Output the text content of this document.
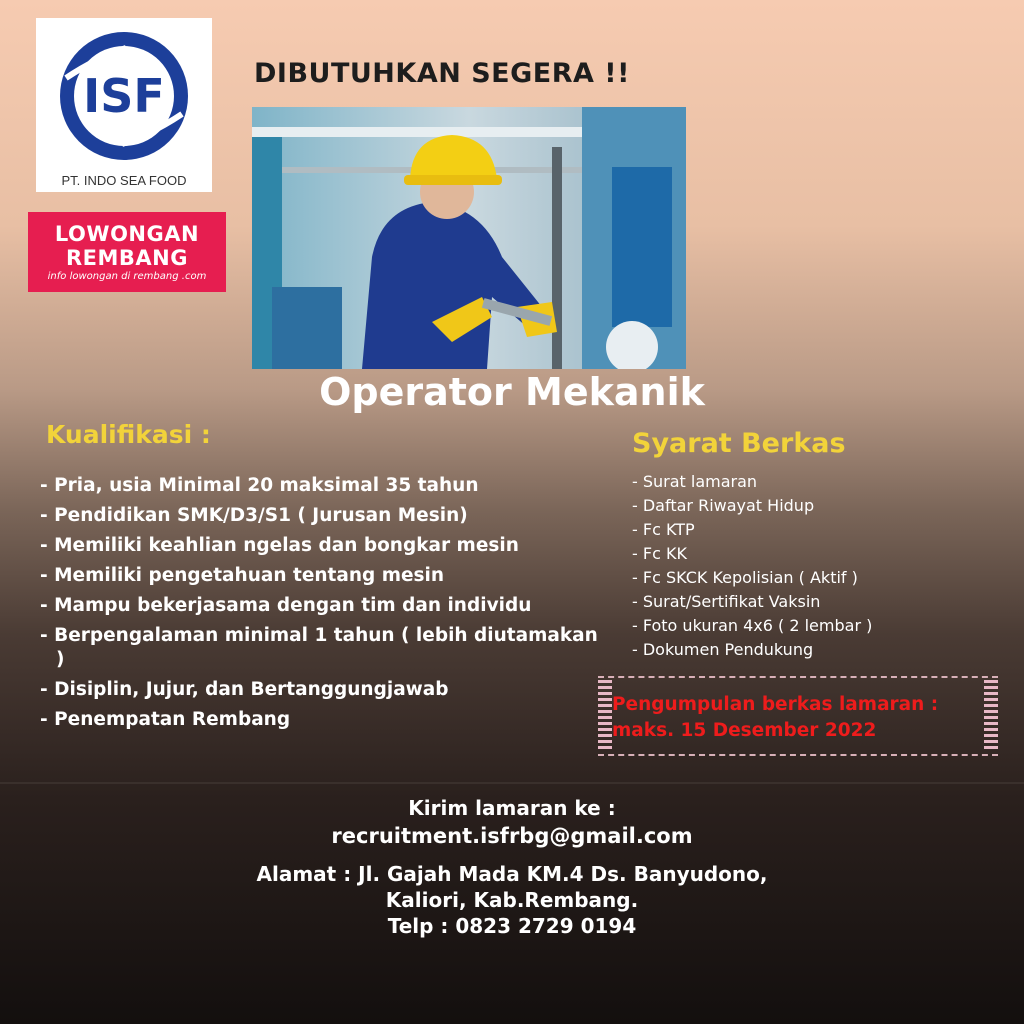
ISF
PT. INDO SEA FOOD
LOWONGAN
REMBANG
info lowongan di rembang .com
DIBUTUHKAN SEGERA !!
Operator Mekanik
Kualifikasi :
- Pria, usia Minimal 20 maksimal 35 tahun
- Pendidikan SMK/D3/S1 ( Jurusan Mesin)
- Memiliki keahlian ngelas dan bongkar mesin
- Memiliki pengetahuan tentang mesin
- Mampu bekerjasama dengan tim dan individu
- Berpengalaman minimal 1 tahun ( lebih diutamakan )
- Disiplin, Jujur, dan Bertanggungjawab
- Penempatan Rembang
Syarat Berkas
- Surat lamaran
- Daftar Riwayat Hidup
- Fc KTP
- Fc KK
- Fc SKCK Kepolisian ( Aktif )
- Surat/Sertifikat Vaksin
- Foto ukuran 4x6 ( 2 lembar )
- Dokumen Pendukung
Pengumpulan berkas lamaran :
maks. 15 Desember 2022
Kirim lamaran ke :
recruitment.isfrbg@gmail.com
Alamat : Jl. Gajah Mada KM.4 Ds. Banyudono,
Kaliori, Kab.Rembang.
Telp : 0823 2729 0194
